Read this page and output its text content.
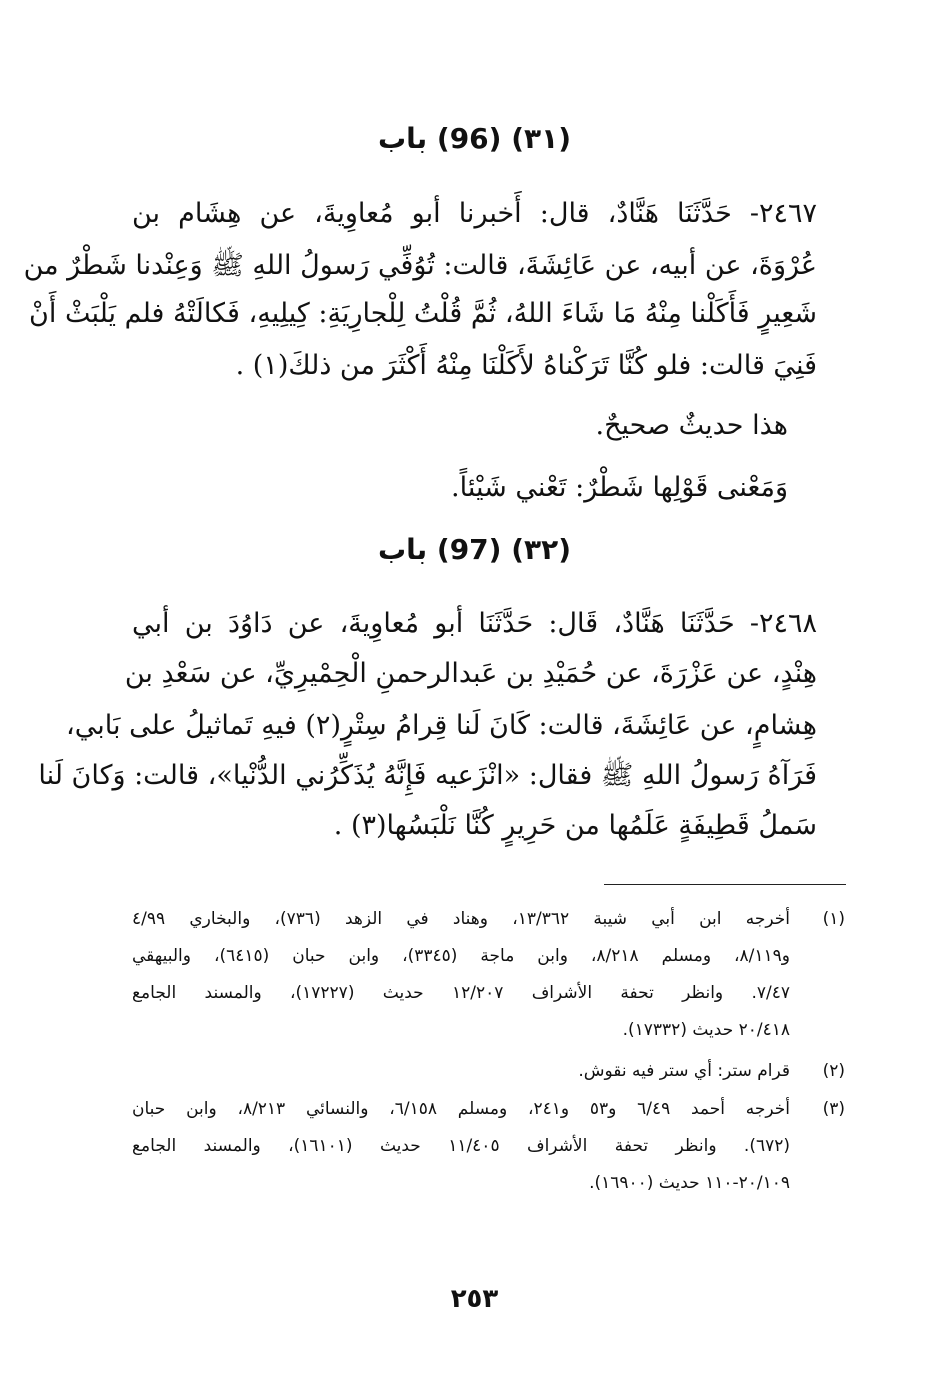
(٣١) (96) باب
٢٤٦٧- حَدَّثَنَا هَنَّادٌ، قال: أَخبرنا أبو مُعاوِيةَ، عن هِشَام بن
عُرْوَةَ، عن أبيه، عن عَائِشَةَ، قالت: تُوُفِّي رَسولُ اللهِ ﷺ وَعِنْدنا شَطْرٌ من
شَعِيرٍ فَأَكَلْنا مِنْهُ مَا شَاءَ اللهُ، ثُمَّ قُلْتُ لِلْجارِيَةِ: كِيلِيهِ، فَكالَتْهُ فلم يَلْبَثْ أَنْ
فَنِيَ قالت: فلو كُنَّا تَرَكْناهُ لأَكَلْنَا مِنْهُ أَكْثَرَ من ذلكَ(١) .
هذا حديثٌ صحيحٌ.
وَمَعْنى قَوْلِها شَطْرٌ: تَعْني شَيْئاً.
(٣٢) (97) باب
٢٤٦٨- حَدَّثَنَا هَنَّادٌ، قَال: حَدَّثَنَا أبو مُعاوِيةَ، عن دَاوُدَ بن أبي
هِنْدٍ، عن عَزْرَةَ، عن حُمَيْدِ بن عَبدالرحمنِ الْحِمْيرِيِّ، عن سَعْدِ بن
هِشامٍ، عن عَائِشَةَ، قالت: كَانَ لَنا قِرامُ سِتْرٍ(٢) فيهِ تَماثيلُ على بَابي،
فَرَآهُ رَسولُ اللهِ ﷺ فقال: «انْزَعيه فَإِنَّهُ يُذَكِّرُني الدُّنْيا»، قالت: وَكانَ لَنا
سَملُ قَطِيفَةٍ عَلَمُها من حَرِيرٍ كُنَّا نَلْبَسُها(٣) .
(١)
أخرجه ابن أبي شيبة ١٣/٣٦٢، وهناد في الزهد (٧٣٦)، والبخاري ٤/٩٩
و٨/١١٩، ومسلم ٨/٢١٨، وابن ماجة (٣٣٤٥)، وابن حبان (٦٤١٥)، والبيهقي
٧/٤٧. وانظر تحفة الأشراف ١٢/٢٠٧ حديث (١٧٢٢٧)، والمسند الجامع
٢٠/٤١٨ حديث (١٧٣٣٢).
(٢)
قرام ستر: أي ستر فيه نقوش.
(٣)
أخرجه أحمد ٦/٤٩ و٥٣ و٢٤١، ومسلم ٦/١٥٨، والنسائي ٨/٢١٣، وابن حبان
(٦٧٢). وانظر تحفة الأشراف ١١/٤٠٥ حديث (١٦١٠١)، والمسند الجامع
٢٠/١٠٩-١١٠ حديث (١٦٩٠٠).
٢٥٣
